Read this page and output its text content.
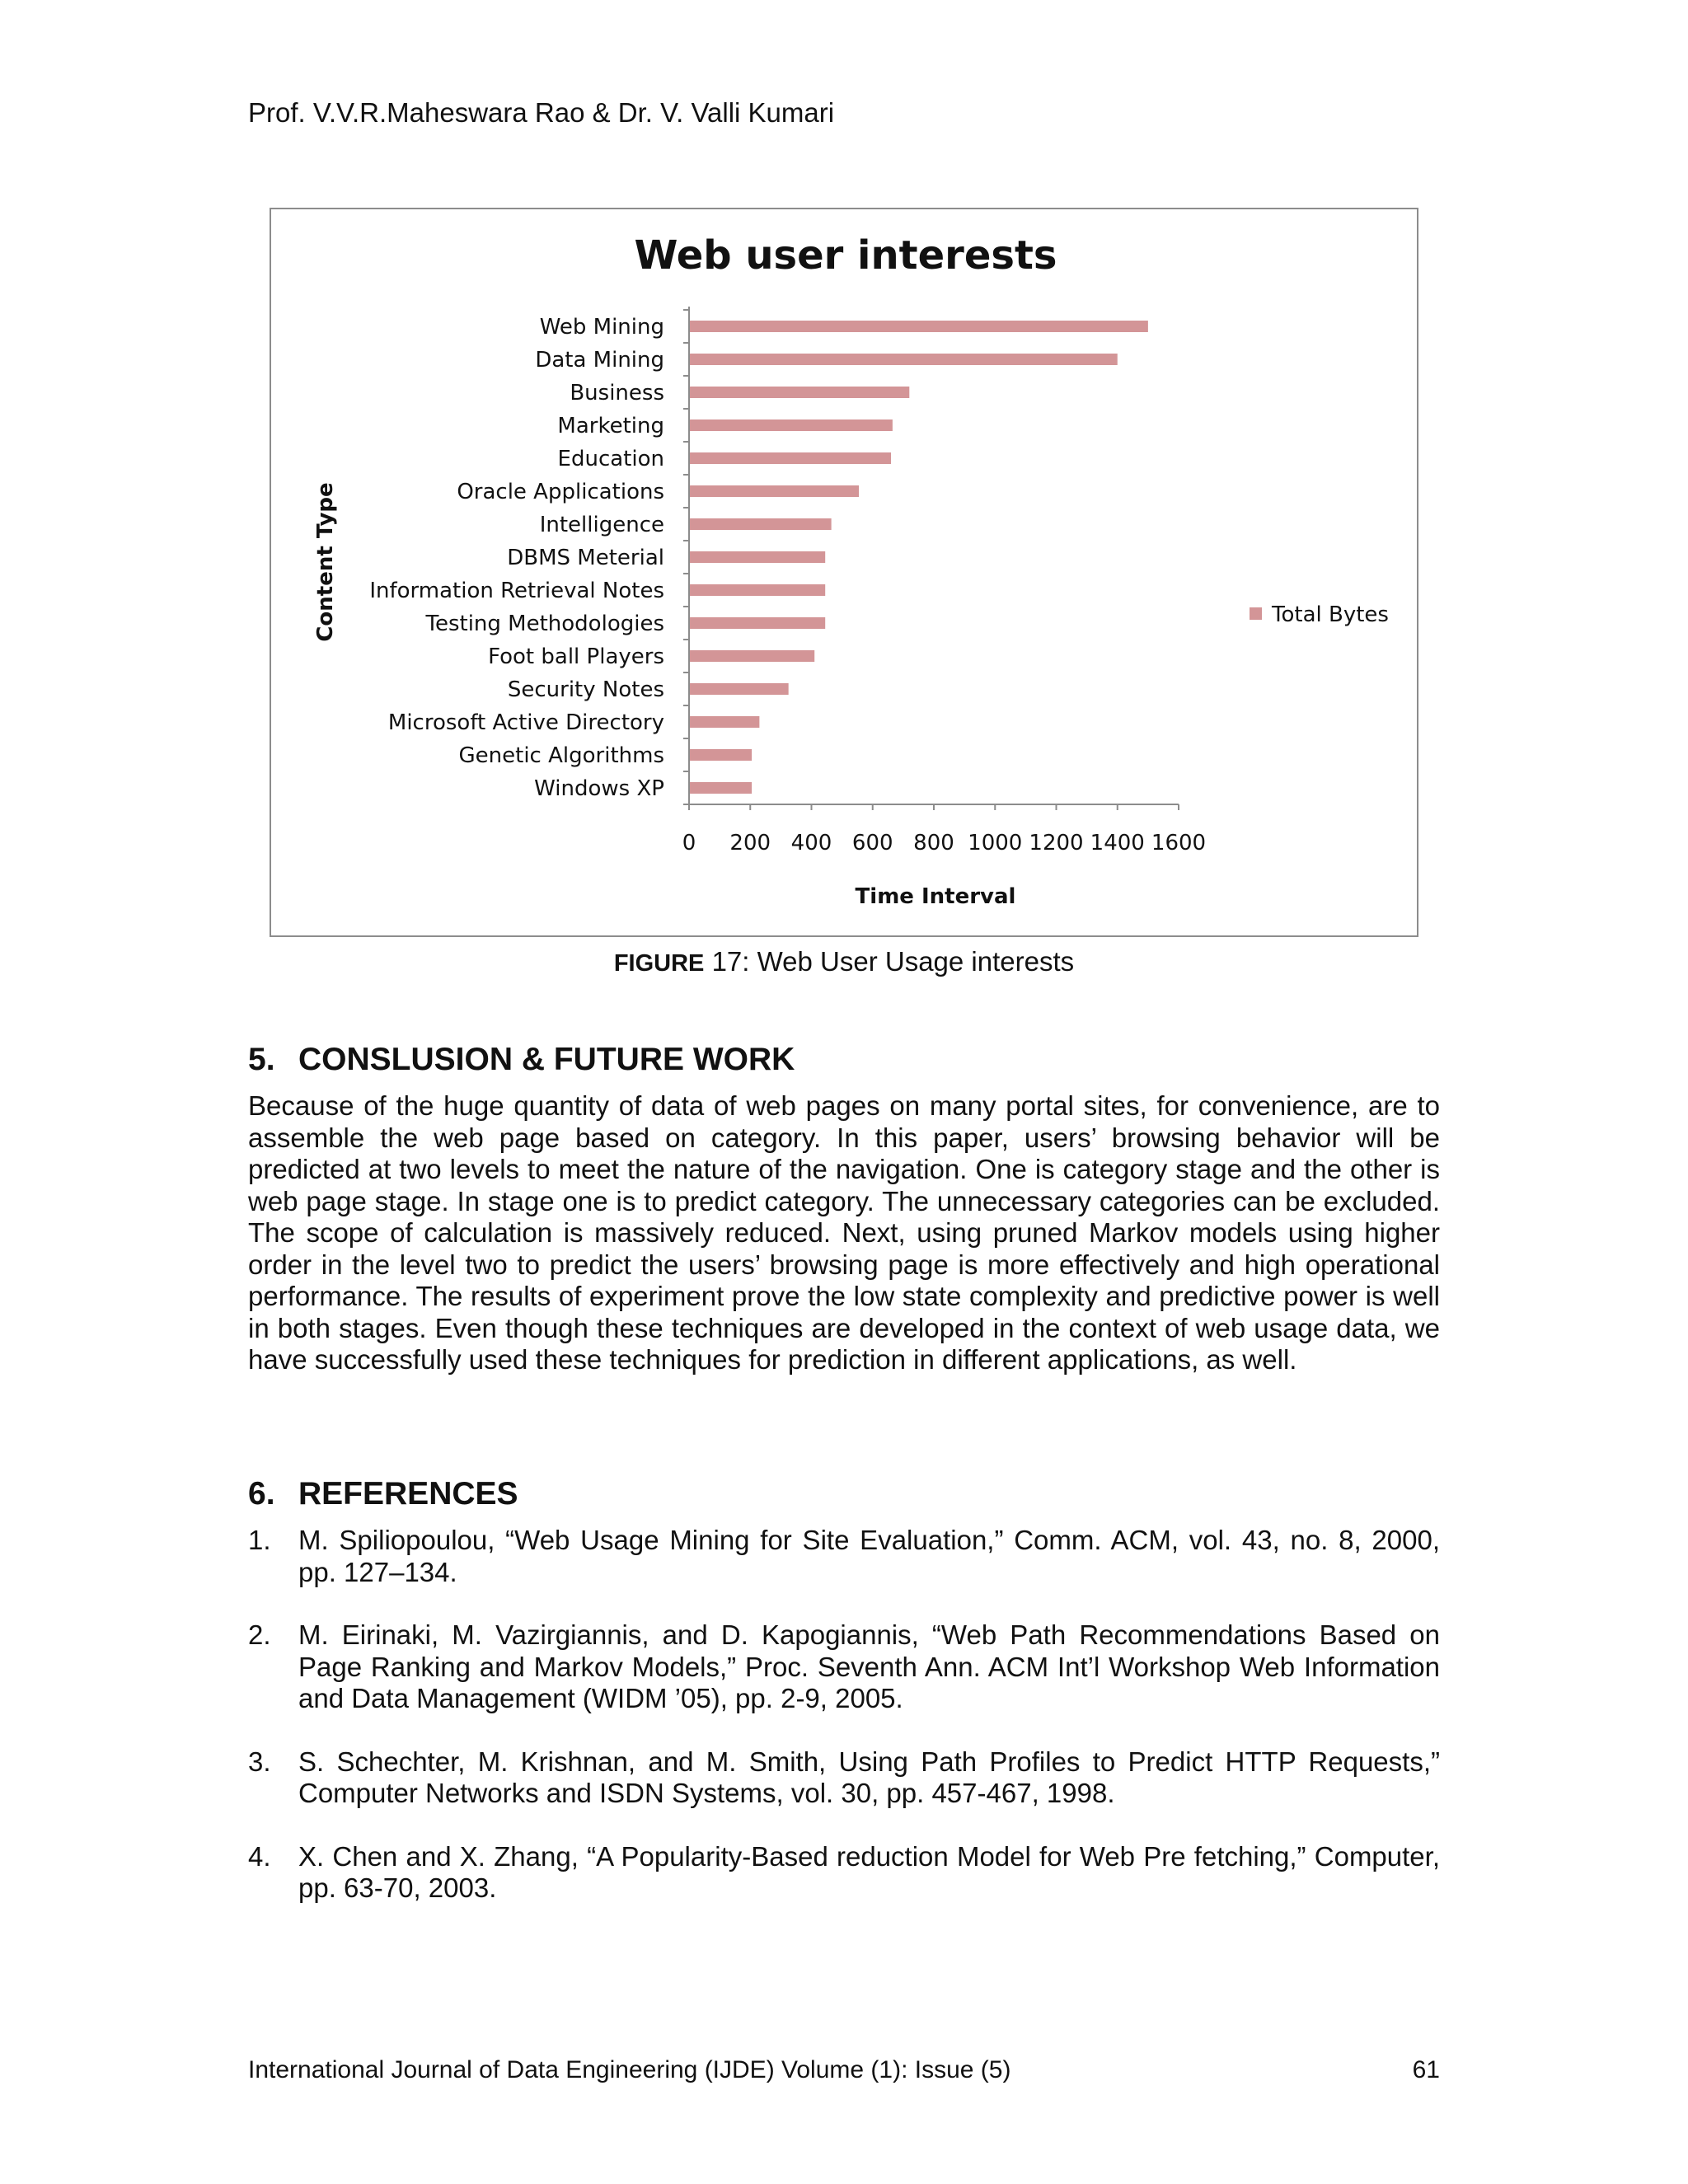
Prof. V.V.R.Maheswara Rao & Dr. V. Valli Kumari
Web user interests
Content Type
Time Interval
Web Mining
Data Mining
Business
Marketing
Education
Oracle Applications
Intelligence
DBMS Meterial
Information Retrieval Notes
Testing Methodologies
Foot ball Players
Security Notes
Microsoft Active Directory
Genetic Algorithms
Windows XP
0 200 400 600 800 1000 1200 1400 1600
Total Bytes
FIGURE 17: Web User Usage interests
5. CONSLUSION & FUTURE WORK

Because of the huge quantity of data of web pages on many portal sites, for convenience, are to assemble the web page based on category. In this paper, users’ browsing behavior will be predicted at two levels to meet the nature of the navigation. One is category stage and the other is web page stage. In stage one is to predict category. The unnecessary categories can be excluded. The scope of calculation is massively reduced. Next, using pruned Markov models using higher order in the level two to predict the users’ browsing page is more effectively and high operational performance. The results of experiment prove the low state complexity and predictive power is well in both stages. Even though these techniques are developed in the context of web usage data, we have successfully used these techniques for prediction in different applications, as well.

6. REFERENCES
1.	M. Spiliopoulou, “Web Usage Mining for Site Evaluation,” Comm. ACM, vol. 43, no. 8, 2000, pp. 127–134.
2.	M. Eirinaki, M. Vazirgiannis, and D. Kapogiannis, “Web Path Recommendations Based on Page Ranking and Markov Models,” Proc. Seventh Ann. ACM Int’l Workshop Web Information and Data Management (WIDM ’05), pp. 2-9, 2005.
3.	S. Schechter, M. Krishnan, and M. Smith, Using Path Profiles to Predict HTTP Requests,” Computer Networks and ISDN Systems, vol. 30, pp. 457-467, 1998.
4.	X. Chen and X. Zhang, “A Popularity-Based reduction Model for Web Pre fetching,” Computer, pp. 63-70, 2003.
International Journal of Data Engineering (IJDE) Volume (1): Issue (5)	61
